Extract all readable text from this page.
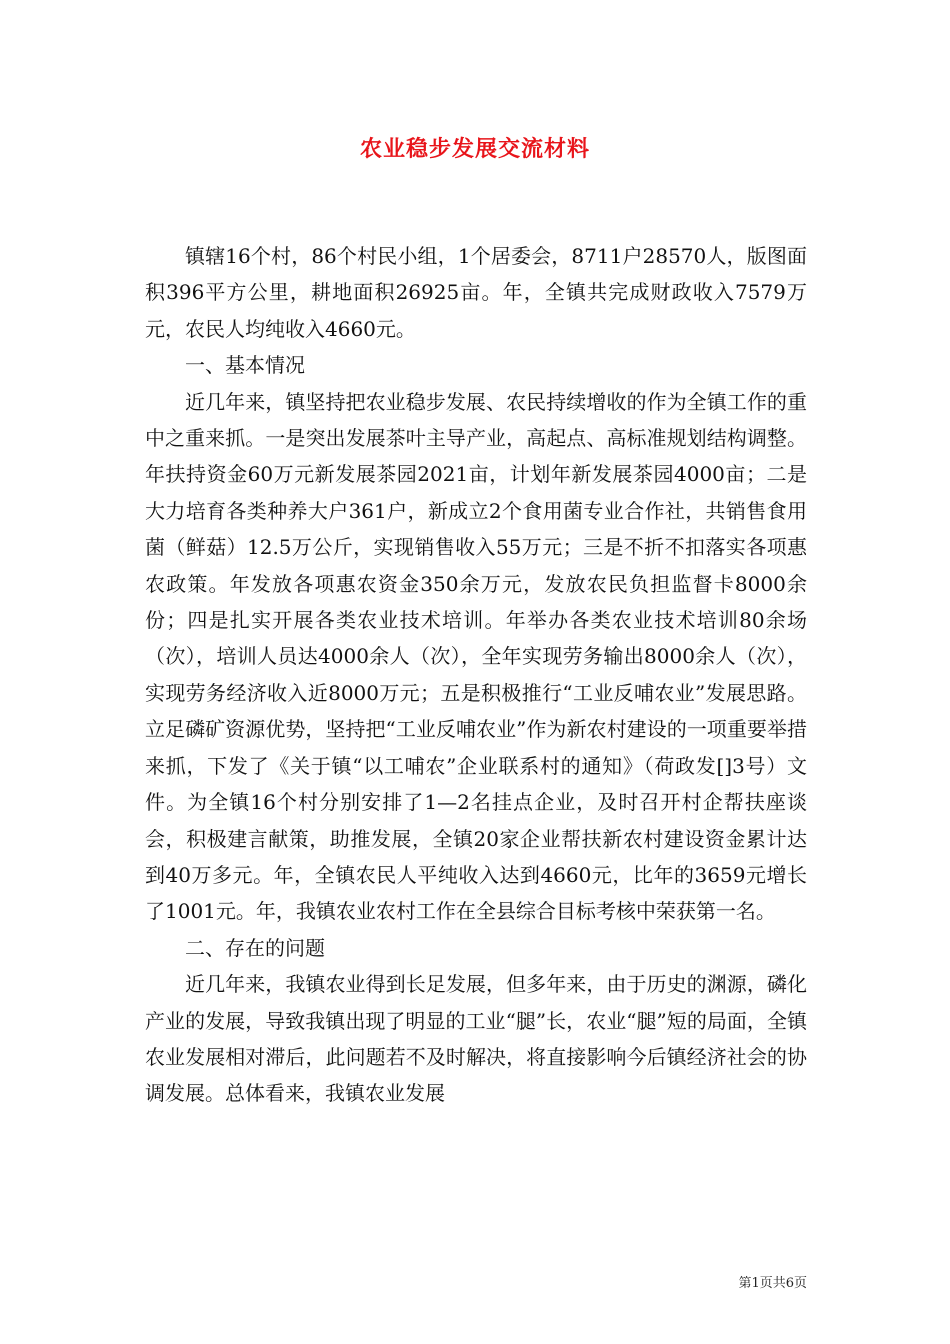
农业稳步发展交流材料

镇辖16个村，86个村民小组，1个居委会，8711户28570人，版图面积396平方公里，耕地面积26925亩。年，全镇共完成财政收入7579万元，农民人均纯收入4660元。

一、基本情况

近几年来，镇坚持把农业稳步发展、农民持续增收的作为全镇工作的重中之重来抓。一是突出发展茶叶主导产业，高起点、高标准规划结构调整。年扶持资金60万元新发展茶园2021亩，计划年新发展茶园4000亩；二是大力培育各类种养大户361户，新成立2个食用菌专业合作社，共销售食用菌（鲜菇）12.5万公斤，实现销售收入55万元；三是不折不扣落实各项惠农政策。年发放各项惠农资金350余万元，发放农民负担监督卡8000余份；四是扎实开展各类农业技术培训。年举办各类农业技术培训80余场（次），培训人员达4000余人（次），全年实现劳务输出8000余人（次），实现劳务经济收入近8000万元；五是积极推行“工业反哺农业”发展思路。立足磷矿资源优势，坚持把“工业反哺农业”作为新农村建设的一项重要举措来抓，下发了《关于镇“以工哺农”企业联系村的通知》（荷政发[]3号）文件。为全镇16个村分别安排了1—2名挂点企业，及时召开村企帮扶座谈会，积极建言献策，助推发展，全镇20家企业帮扶新农村建设资金累计达到40万多元。年，全镇农民人平纯收入达到4660元，比年的3659元增长了1001元。年，我镇农业农村工作在全县综合目标考核中荣获第一名。

二、存在的问题

近几年来，我镇农业得到长足发展，但多年来，由于历史的渊源，磷化产业的发展，导致我镇出现了明显的工业“腿”长，农业“腿”短的局面，全镇农业发展相对滞后，此问题若不及时解决，将直接影响今后镇经济社会的协调发展。总体看来，我镇农业发展

第1页共6页
